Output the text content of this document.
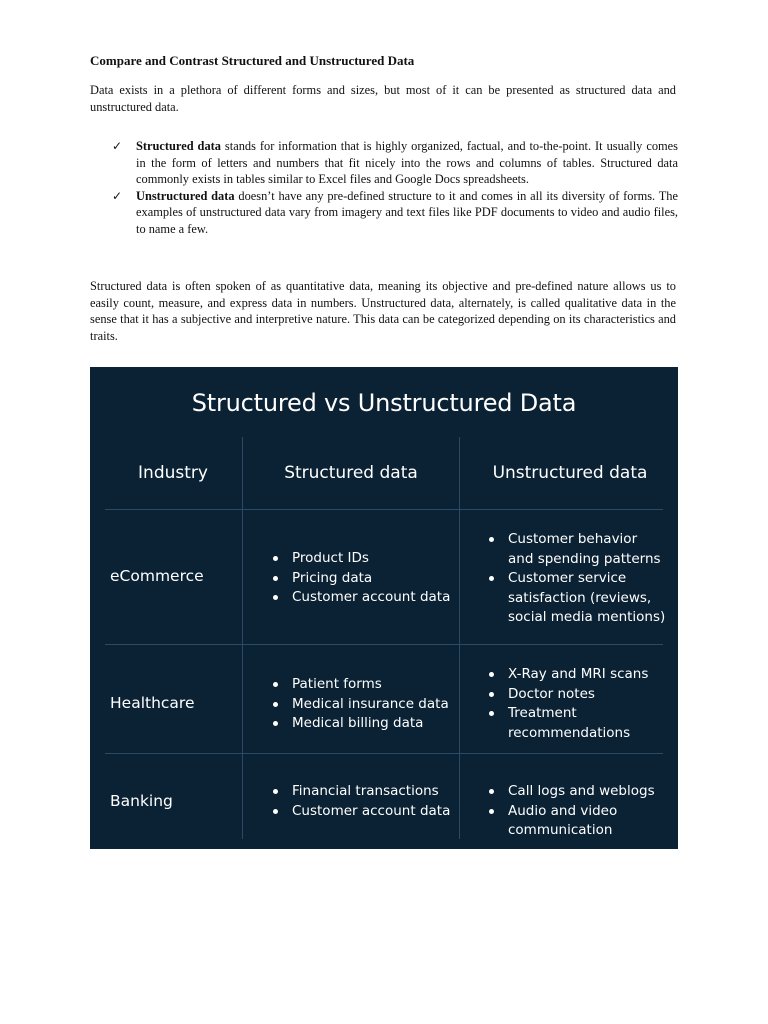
Compare and Contrast Structured and Unstructured Data
Data exists in a plethora of different forms and sizes, but most of it can be presented as structured data and unstructured data.
✓ Structured data stands for information that is highly organized, factual, and to-the-point. It usually comes in the form of letters and numbers that fit nicely into the rows and columns of tables. Structured data commonly exists in tables similar to Excel files and Google Docs spreadsheets.
✓ Unstructured data doesn’t have any pre-defined structure to it and comes in all its diversity of forms. The examples of unstructured data vary from imagery and text files like PDF documents to video and audio files, to name a few.
Structured data is often spoken of as quantitative data, meaning its objective and pre-defined nature allows us to easily count, measure, and express data in numbers. Unstructured data, alternately, is called qualitative data in the sense that it has a subjective and interpretive nature. This data can be categorized depending on its characteristics and traits.
Structured vs Unstructured Data
Industry	Structured data	Unstructured data
eCommerce
Product IDs
Pricing data
Customer account data
Customer behavior and spending patterns
Customer service satisfaction (reviews, social media mentions)
Healthcare
Patient forms
Medical insurance data
Medical billing data
X-Ray and MRI scans
Doctor notes
Treatment recommendations
Banking
Financial transactions
Customer account data
Call logs and weblogs
Audio and video communication
